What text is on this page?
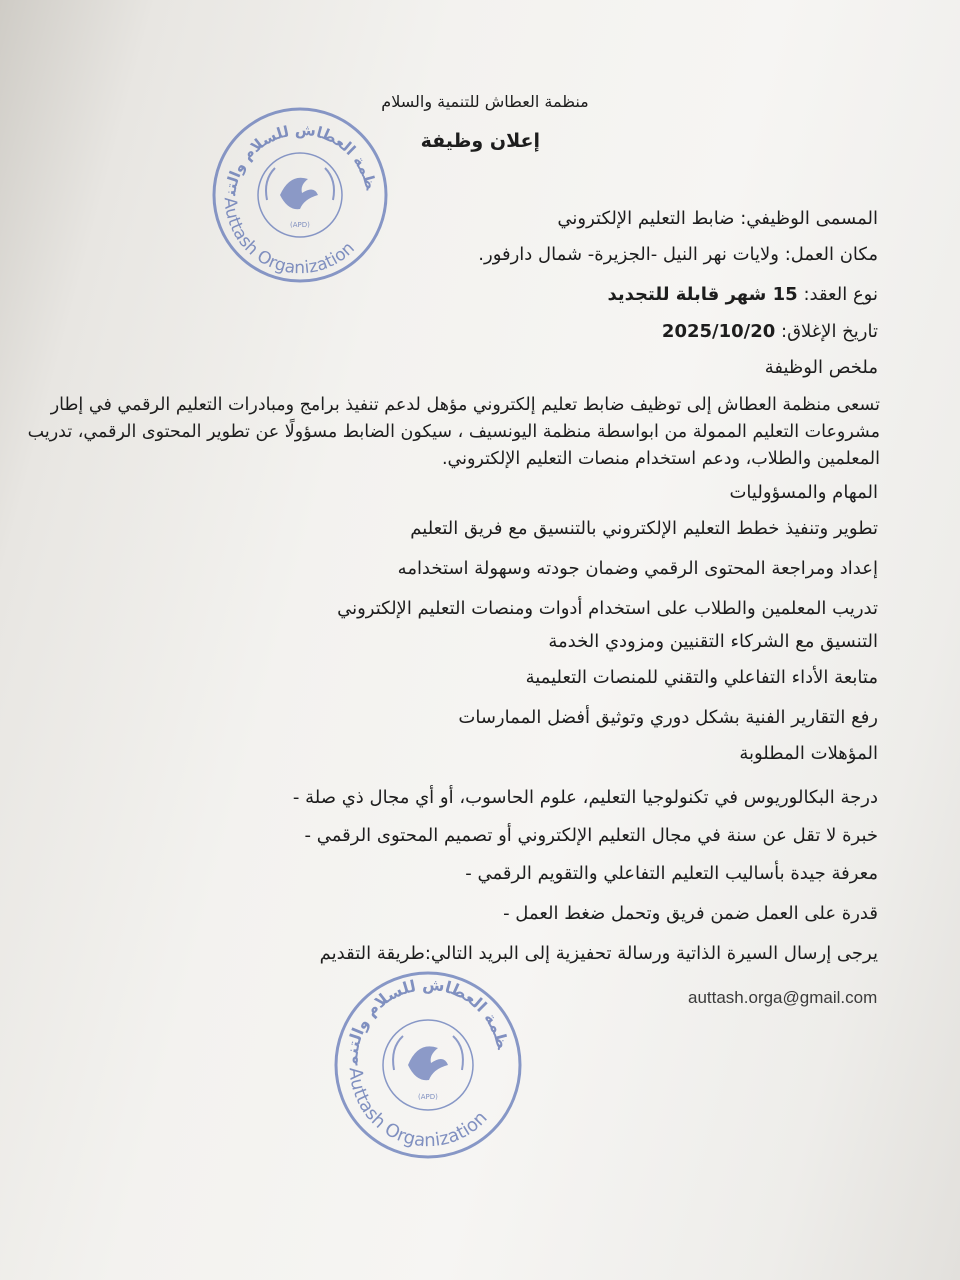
منظمة العطاش للتنمية والسلام
إعلان وظيفة
ظمة العطاش للسلام والتن
Auttash Organization
(APD)	المسمى الوظيفي: ضابط التعليم الإلكتروني
مكان العمل: ولايات نهر النيل -الجزيرة- شمال دارفور.
نوع العقد: 15 شهر قابلة للتجديد
تاريخ الإغلاق: 2025/10/20
ملخص الوظيفة
تسعى منظمة العطاش إلى توظيف ضابط تعليم إلكتروني مؤهل لدعم تنفيذ برامج ومبادرات التعليم الرقمي في إطار
مشروعات التعليم الممولة من ابواسطة منظمة اليونسيف ، سيكون الضابط مسؤولًا عن تطوير المحتوى الرقمي، تدريب
المعلمين والطلاب، ودعم استخدام منصات التعليم الإلكتروني.
المهام والمسؤوليات
تطوير وتنفيذ خطط التعليم الإلكتروني بالتنسيق مع فريق التعليم
إعداد ومراجعة المحتوى الرقمي وضمان جودته وسهولة استخدامه
تدريب المعلمين والطلاب على استخدام أدوات ومنصات التعليم الإلكتروني
التنسيق مع الشركاء التقنيين ومزودي الخدمة
متابعة الأداء التفاعلي والتقني للمنصات التعليمية
رفع التقارير الفنية بشكل دوري وتوثيق أفضل الممارسات
المؤهلات المطلوبة
درجة البكالوريوس في تكنولوجيا التعليم، علوم الحاسوب، أو أي مجال ذي صلة -
خبرة لا تقل عن سنة في مجال التعليم الإلكتروني أو تصميم المحتوى الرقمي -
معرفة جيدة بأساليب التعليم التفاعلي والتقويم الرقمي -
قدرة على العمل ضمن فريق وتحمل ضغط العمل -
يرجى إرسال السيرة الذاتية ورسالة تحفيزية إلى البريد التالي:طريقة التقديم
auttash.orga@gmail.com
ظمة العطاش للسلام والتنم
Auttash Organization
(APD)
